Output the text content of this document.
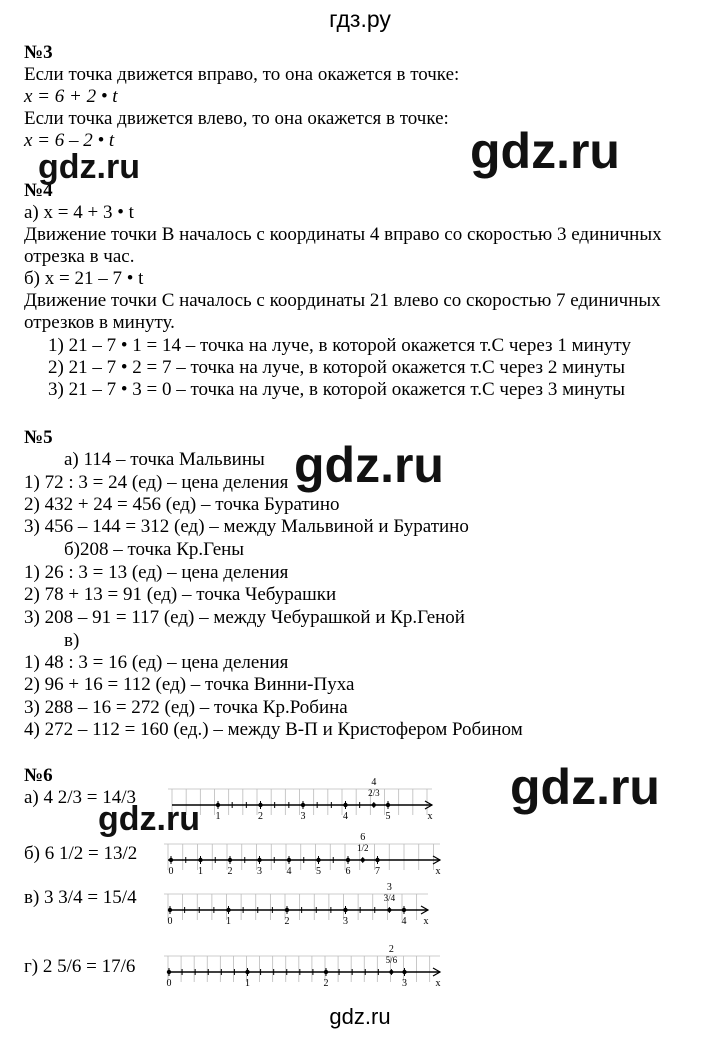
гдз.ру
№3
Если точка движется вправо, то она окажется в точке:
x = 6 + 2 • t
Если точка движется влево, то она окажется в точке:
x = 6 – 2 • t
№4
а) x = 4 + 3 • t
Движение точки В началось с координаты 4 вправо со скоростью 3 единичных
отрезка в час.
б) x = 21 – 7 • t
Движение точки С началось с координаты 21 влево со скоростью 7 единичных
отрезков в минуту.
1) 21 – 7 • 1 = 14 – точка на луче, в которой окажется т.С через 1 минуту
2) 21 – 7 • 2 = 7 – точка на луче, в которой окажется т.С через 2 минуты
3) 21 – 7 • 3 = 0 – точка на луче, в которой окажется т.С через 3 минуты
№5
а) 114 – точка Мальвины
1) 72 : 3 = 24 (ед) – цена деления
2) 432 + 24 = 456 (ед) – точка Буратино
3) 456 – 144 = 312 (ед) – между Мальвиной и Буратино
б)208 – точка Кр.Гены
1) 26 : 3 = 13 (ед) – цена деления
2) 78 + 13 = 91 (ед) – точка Чебурашки
3) 208 – 91 = 117 (ед) – между Чебурашкой и Кр.Геной
в)
1) 48 : 3 = 16 (ед) – цена деления
2) 96 + 16 = 112 (ед) – точка Винни-Пуха
3) 288 – 16 = 272 (ед) – точка Кр.Робина
4) 272 – 112 = 160 (ед.) – между В-П и Кристофером Робином
№6
а) 4 2/3 = 14/3
б) 6 1/2 = 13/2
в) 3 3/4 = 15/4
г) 2 5/6 = 17/6
1	2	3	4	5	x
4
2/3
0 1 2 3 4 5 6 7	x
6
1/2
0	1	2	3	4 x
3
3/4
0	1	2	3	x
2
5/6
gdz.ru
gdz.ru
gdz.ru
gdz.ru
gdz.ru
gdz.ru
